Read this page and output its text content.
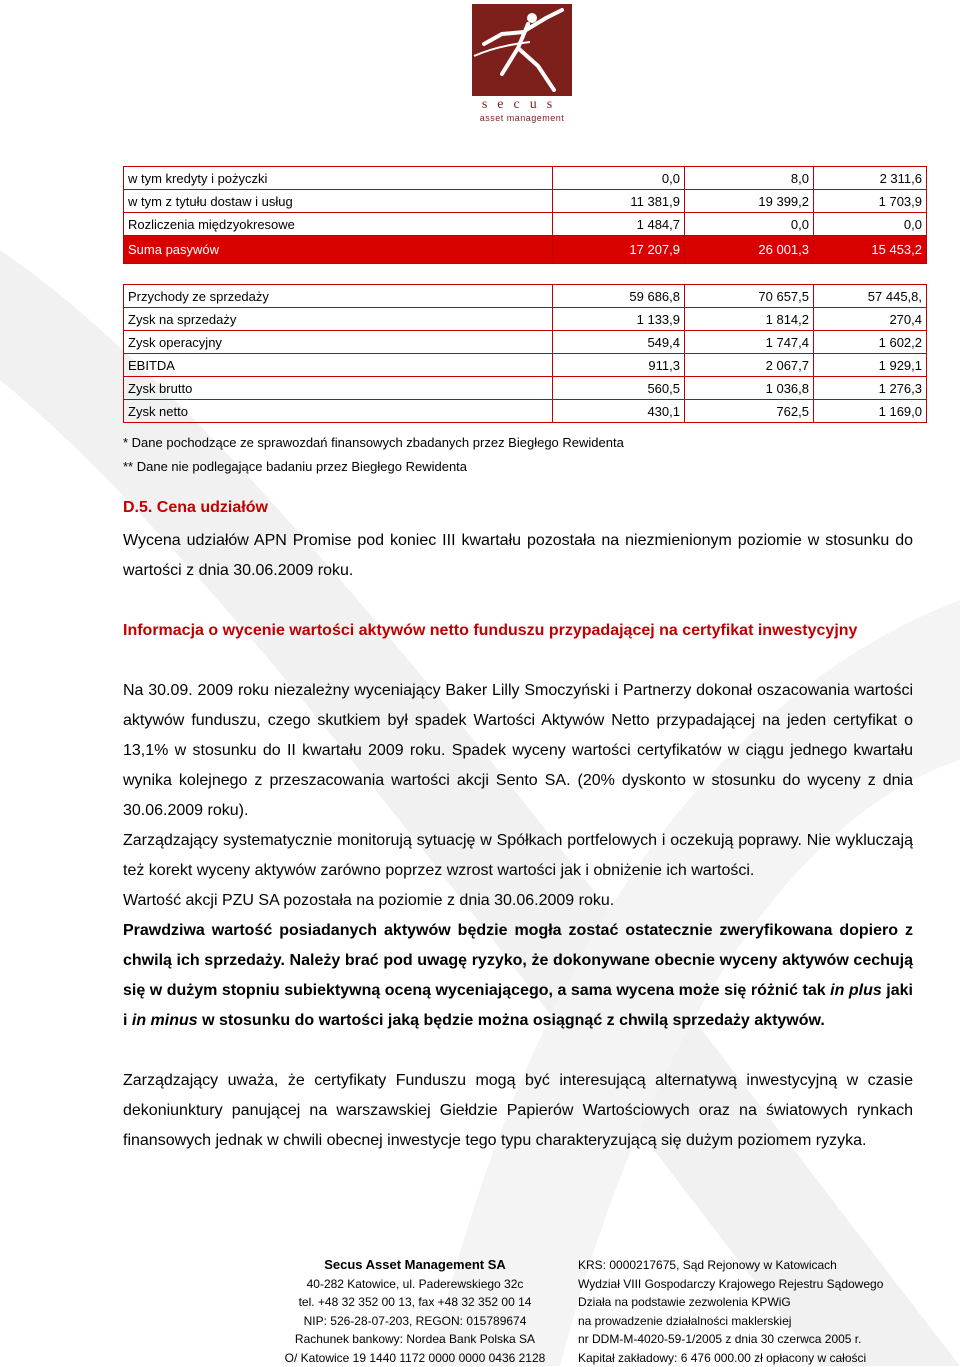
secus
asset management
w tym kredyty i pożyczki	0,0	8,0	2 311,6
w tym z tytułu dostaw i usług	11 381,9	19 399,2	1 703,9
Rozliczenia międzyokresowe	1 484,7	0,0	0,0
Suma pasywów	17 207,9	26 001,3	15 453,2

Przychody ze sprzedaży	59 686,8	70 657,5	57 445,8,
Zysk na sprzedaży	1 133,9	1 814,2	270,4
Zysk operacyjny	549,4	1 747,4	1 602,2
EBITDA	911,3	2 067,7	1 929,1
Zysk brutto	560,5	1 036,8	1 276,3
Zysk netto	430,1	762,5	1 169,0
* Dane pochodzące ze sprawozdań finansowych zbadanych przez Biegłego Rewidenta
** Dane nie podlegające badaniu przez Biegłego Rewidenta
D.5. Cena udziałów
Wycena udziałów APN Promise pod koniec III kwartału pozostała na niezmienionym poziomie w stosunku do wartości z dnia 30.06.2009 roku.
Informacja o wycenie wartości aktywów netto funduszu przypadającej na certyfikat inwestycyjny
Na 30.09. 2009 roku niezależny wyceniający Baker Lilly Smoczyński i Partnerzy dokonał oszacowania wartości aktywów funduszu, czego skutkiem był spadek Wartości Aktywów Netto przypadającej na jeden certyfikat o 13,1% w stosunku do II kwartału 2009 roku. Spadek wyceny wartości certyfikatów w ciągu jednego kwartału wynika kolejnego z przeszacowania wartości akcji Sento SA. (20% dyskonto w stosunku do wyceny z dnia 30.06.2009 roku).
Zarządzający systematycznie monitorują sytuację w Spółkach portfelowych i oczekują poprawy. Nie wykluczają też korekt wyceny aktywów zarówno poprzez wzrost wartości jak i obniżenie ich wartości.
Wartość akcji PZU SA pozostała na poziomie z dnia 30.06.2009 roku.
Prawdziwa wartość posiadanych aktywów będzie mogła zostać ostatecznie zweryfikowana dopiero z chwilą ich sprzedaży. Należy brać pod uwagę ryzyko, że dokonywane obecnie wyceny aktywów cechują się w dużym stopniu subiektywną oceną wyceniającego, a sama wycena może się różnić tak in plus jaki i in minus w stosunku do wartości jaką będzie można osiągnąć z chwilą sprzedaży aktywów.
Zarządzający uważa, że certyfikaty Funduszu mogą być interesującą alternatywą inwestycyjną w czasie dekoniunktury panującej na warszawskiej Giełdzie Papierów Wartościowych oraz na światowych rynkach finansowych jednak w chwili obecnej inwestycje tego typu charakteryzującą się dużym poziomem ryzyka.
Secus Asset Management SA
40-282 Katowice, ul. Paderewskiego 32c
tel. +48 32 352 00 13, fax +48 32 352 00 14
NIP: 526-28-07-203, REGON: 015789674
Rachunek bankowy: Nordea Bank Polska SA
O/ Katowice 19 1440 1172 0000 0000 0436 2128
KRS: 0000217675, Sąd Rejonowy w Katowicach
Wydział VIII Gospodarczy Krajowego Rejestru Sądowego
Działa na podstawie zezwolenia KPWiG
na prowadzenie działalności maklerskiej
nr DDM-M-4020-59-1/2005 z dnia 30 czerwca 2005 r.
Kapitał zakładowy: 6 476 000.00 zł opłacony w całości
